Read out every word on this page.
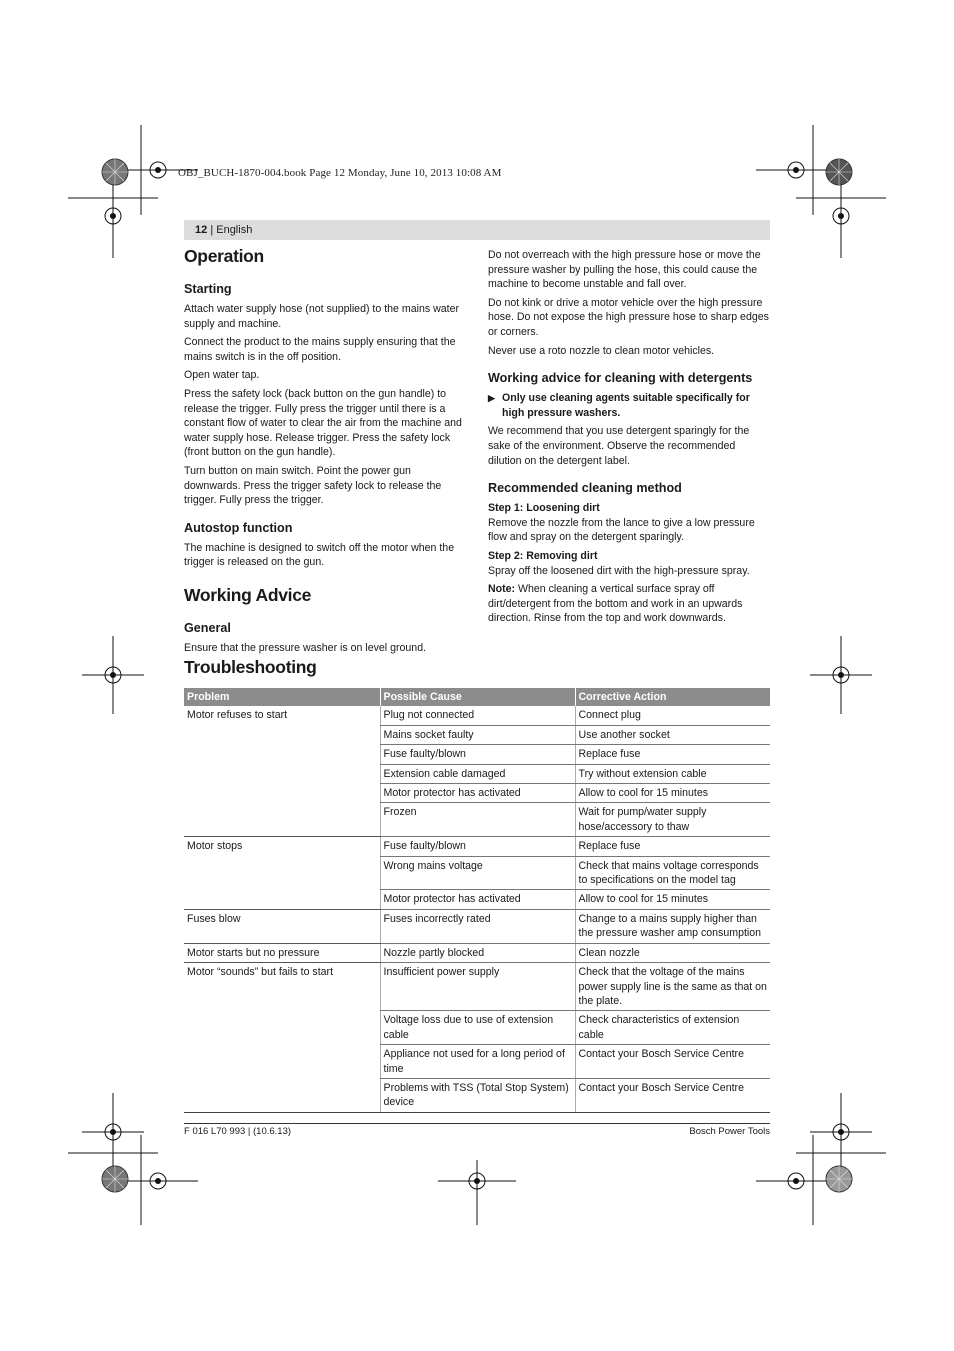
OBJ_BUCH-1870-004.book Page 12 Monday, June 10, 2013 10:08 AM
12 | English
Operation
Starting

Attach water supply hose (not supplied) to the mains water supply and machine.

Connect the product to the mains supply ensuring that the mains switch is in the off position.

Open water tap.

Press the safety lock (back button on the gun handle) to release the trigger. Fully press the trigger until there is a constant flow of water to clear the air from the machine and water supply hose. Release trigger. Press the safety lock (front button on the gun handle).

Turn button on main switch. Point the power gun downwards. Press the trigger safety lock to release the trigger. Fully press the trigger.

Autostop function

The machine is designed to switch off the motor when the trigger is released on the gun.

Working Advice
General

Ensure that the pressure washer is on level ground.

Do not overreach with the high pressure hose or move the pressure washer by pulling the hose, this could cause the machine to become unstable and fall over.

Do not kink or drive a motor vehicle over the high pressure hose. Do not expose the high pressure hose to sharp edges or corners.

Never use a roto nozzle to clean motor vehicles.

Working advice for cleaning with detergents
▶ Only use cleaning agents suitable specifically for high pressure washers.

We recommend that you use detergent sparingly for the sake of the environment. Observe the recommended dilution on the detergent label.

Recommended cleaning method
Step 1: Loosening dirt

Remove the nozzle from the lance to give a low pressure flow and spray on the detergent sparingly.

Step 2: Removing dirt

Spray off the loosened dirt with the high-pressure spray.

Note: When cleaning a vertical surface spray off dirt/detergent from the bottom and work in an upwards direction. Rinse from the top and work downwards.

Troubleshooting
Problem	Possible Cause	Corrective Action
Motor refuses to start	Plug not connected	Connect plug
	Mains socket faulty	Use another socket
	Fuse faulty/blown	Replace fuse
	Extension cable damaged	Try without extension cable
	Motor protector has activated	Allow to cool for 15 minutes
	Frozen	Wait for pump/water supply hose/accessory to thaw
Motor stops	Fuse faulty/blown	Replace fuse
	Wrong mains voltage	Check that mains voltage corresponds to specifications on the model tag
	Motor protector has activated	Allow to cool for 15 minutes
Fuses blow	Fuses incorrectly rated	Change to a mains supply higher than the pressure washer amp consumption
Motor starts but no pressure	Nozzle partly blocked	Clean nozzle
Motor “sounds” but fails to start	Insufficient power supply	Check that the voltage of the mains power supply line is the same as that on the plate.
	Voltage loss due to use of extension cable	Check characteristics of extension cable
	Appliance not used for a long period of time	Contact your Bosch Service Centre
	Problems with TSS (Total Stop System) device	Contact your Bosch Service Centre
F 016 L70 993 | (10.6.13)	Bosch Power Tools
